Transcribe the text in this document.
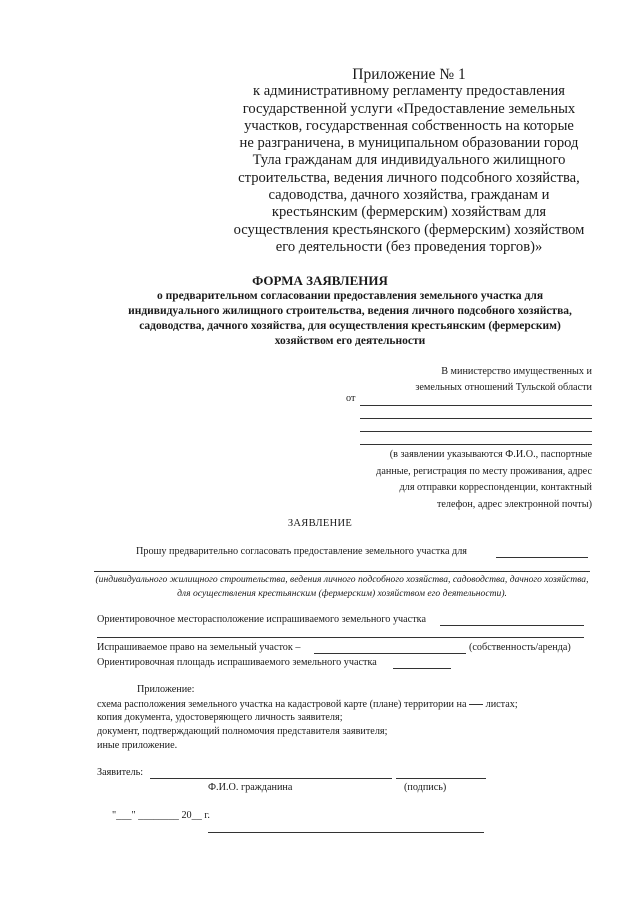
Приложение № 1
к административному регламенту предоставления
государственной услуги «Предоставление земельных
участков, государственная собственность на которые
не разграничена, в муниципальном образовании город
Тула гражданам для индивидуального жилищного
строительства, ведения личного подсобного хозяйства,
садоводства, дачного хозяйства, гражданам и
крестьянским (фермерским) хозяйствам для
осуществления крестьянского (фермерским) хозяйством
его деятельности (без проведения торгов)»
ФОРМА ЗАЯВЛЕНИЯ
о предварительном согласовании предоставления земельного участка для
индивидуального жилищного строительства, ведения личного подсобного хозяйства,
садоводства, дачного хозяйства, для осуществления крестьянским (фермерским)
хозяйством его деятельности
В министерство имущественных и
земельных отношений Тульской области
от
(в заявлении указываются Ф.И.О., паспортные
данные, регистрация по месту проживания, адрес
для отправки корреспонденции, контактный
телефон, адрес электронной почты)
ЗАЯВЛЕНИЕ
Прошу предварительно согласовать предоставление земельного участка для
(индивидуального жилищного строительства, ведения личного подсобного хозяйства, садоводства, дачного хозяйства,
для осуществления крестьянским (фермерским) хозяйством его деятельности).
Ориентировочное месторасположение испрашиваемого земельного участка
Испрашиваемое право на земельный участок –	(собственность/аренда)
Ориентировочная площадь испрашиваемого земельного участка
Приложение:
схема расположения земельного участка на кадастровой карте (плане) территории на листах;
копия документа, удостоверяющего личность заявителя;
документ, подтверждающий полномочия представителя заявителя;
иные приложение.
Заявитель:
Ф.И.О. гражданина	(подпись)
"___" ________ 20__ г.
